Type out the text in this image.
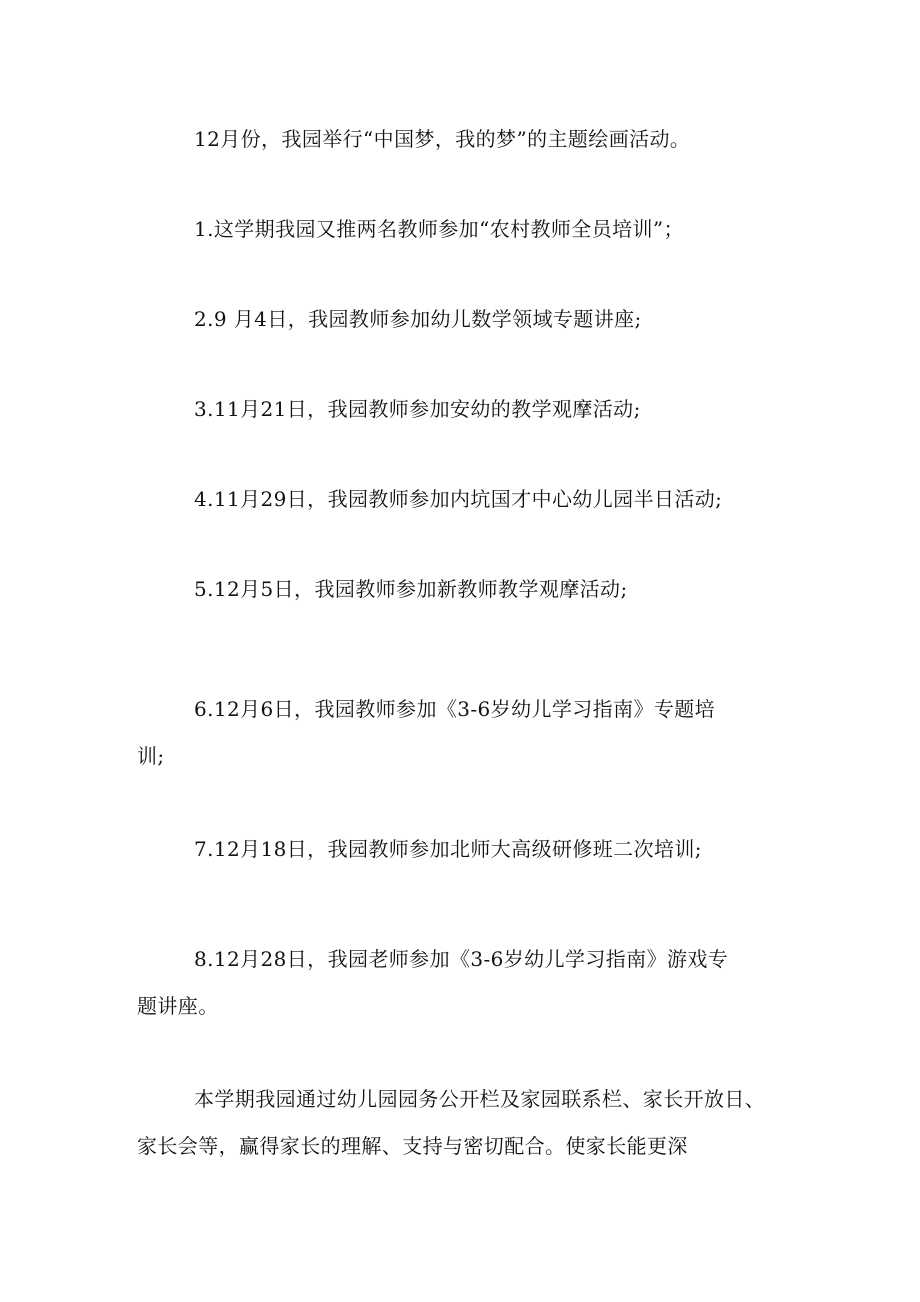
12月份，我园举行“中国梦，我的梦”的主题绘画活动。

1.这学期我园又推两名教师参加“农村教师全员培训”；

2.9 月4日，我园教师参加幼儿数学领域专题讲座;

3.11月21日，我园教师参加安幼的教学观摩活动;

4.11月29日，我园教师参加内坑国才中心幼儿园半日活动;

5.12月5日，我园教师参加新教师教学观摩活动;

6.12月6日，我园教师参加《3-6岁幼儿学习指南》专题培训;

7.12月18日，我园教师参加北师大高级研修班二次培训;

8.12月28日，我园老师参加《3-6岁幼儿学习指南》游戏专题讲座。

本学期我园通过幼儿园园务公开栏及家园联系栏、家长开放日、家长会等，赢得家长的理解、支持与密切配合。使家长能更深
